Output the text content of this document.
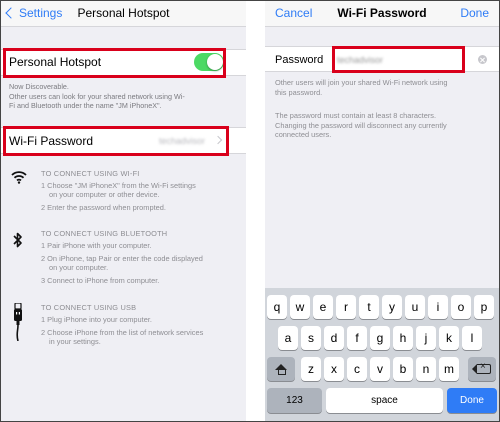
Settings	Personal Hotspot
Personal Hotspot
Now Discoverable.
Other users can look for your shared network using Wi-
Fi and Bluetooth under the name "JM iPhoneX".
Wi-Fi Password	techadvisor
TO CONNECT USING WI-FI
1 Choose "JM iPhoneX" from the Wi-Fi settings
on your computer or other device.
2 Enter the password when prompted.
TO CONNECT USING BLUETOOTH
1 Pair iPhone with your computer.
2 On iPhone, tap Pair or enter the code displayed
on your computer.
3 Connect to iPhone from computer.
TO CONNECT USING USB
1 Plug iPhone into your computer.
2 Choose iPhone from the list of network services
in your settings.
Cancel	Wi-Fi Password	Done
Password
techadvisor
Other users will join your shared Wi-Fi network using
this password.
The password must contain at least 8 characters.
Changing the password will disconnect any currently
connected users.
q	w	e	r	t	y	u	i	o	p
a	s	d	f	g	h	j	k	l
z	x	c	v	b	n	m
×
123	space	Done
